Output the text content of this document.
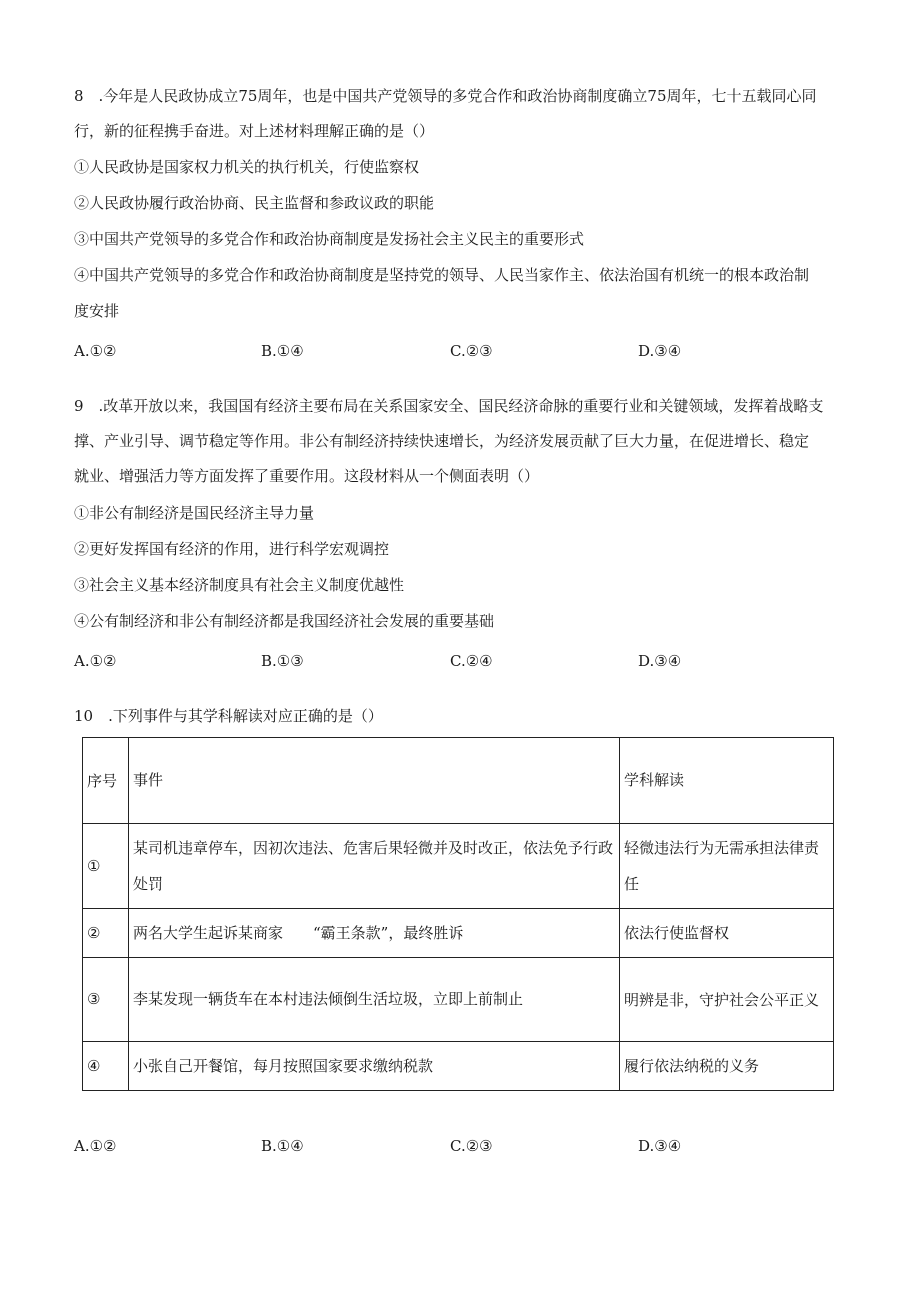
8　.今年是人民政协成立75周年，也是中国共产党领导的多党合作和政治协商制度确立75周年，七十五载同心同
行，新的征程携手奋进。对上述材料理解正确的是（）
①人民政协是国家权力机关的执行机关，行使监察权
②人民政协履行政治协商、民主监督和参政议政的职能
③中国共产党领导的多党合作和政治协商制度是发扬社会主义民主的重要形式
④中国共产党领导的多党合作和政治协商制度是坚持党的领导、人民当家作主、依法治国有机统一的根本政治制
度安排
A.①②	B.①④	C.②③	D.③④
9　.改革开放以来，我国国有经济主要布局在关系国家安全、国民经济命脉的重要行业和关键领域，发挥着战略支
撑、产业引导、调节稳定等作用。非公有制经济持续快速增长，为经济发展贡献了巨大力量，在促进增长、稳定
就业、增强活力等方面发挥了重要作用。这段材料从一个侧面表明（）
①非公有制经济是国民经济主导力量
②更好发挥国有经济的作用，进行科学宏观调控
③社会主义基本经济制度具有社会主义制度优越性
④公有制经济和非公有制经济都是我国经济社会发展的重要基础
A.①②	B.①③	C.②④	D.③④
10　.下列事件与其学科解读对应正确的是（）
序号	事件	学科解读
①	某司机违章停车，因初次违法、危害后果轻微并及时改正，依法免予行政处罚	轻微违法行为无需承担法律责任
②	两名大学生起诉某商家　　“霸王条款”，最终胜诉	依法行使监督权
③	李某发现一辆货车在本村违法倾倒生活垃圾，立即上前制止	明辨是非，守护社会公平正义
④	小张自己开餐馆，每月按照国家要求缴纳税款	履行依法纳税的义务
A.①②	B.①④	C.②③	D.③④
